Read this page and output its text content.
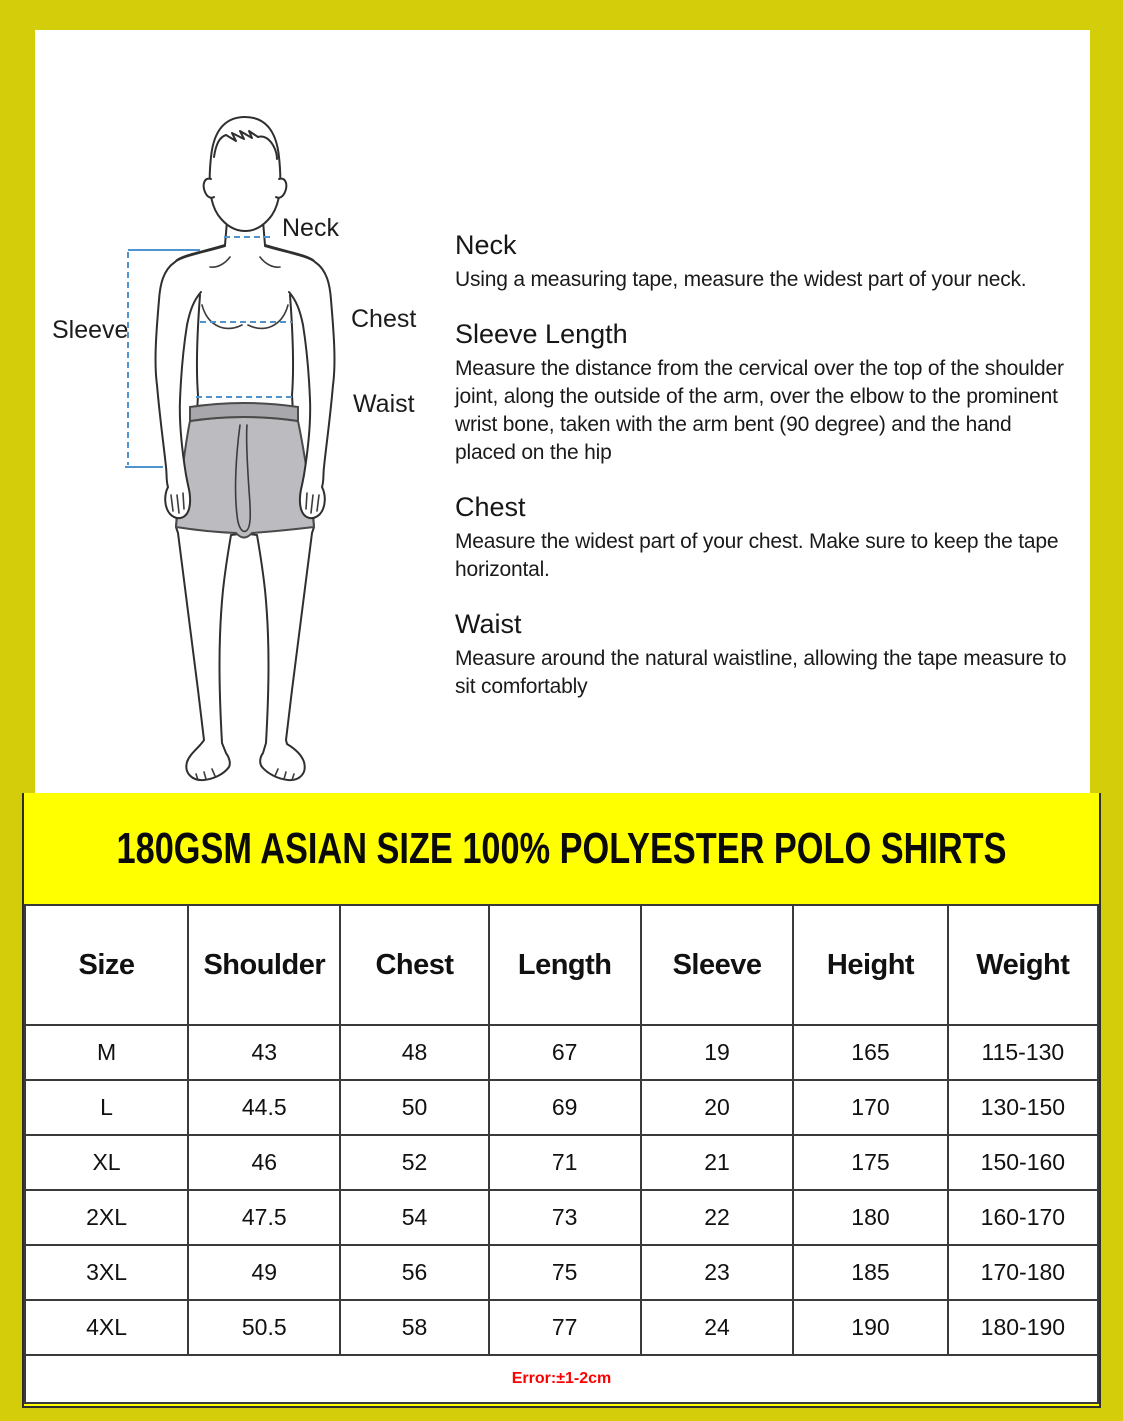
Neck
Chest
Waist
Sleeve
Neck

Using a measuring tape, measure the widest part of your neck.

Sleeve Length

Measure the distance from the cervical over the top of the shoulder joint, along the outside of the arm, over the elbow to the prominent wrist bone, taken with the arm bent (90 degree) and the hand placed on the hip

Chest

Measure the widest part of your chest. Make sure to keep the tape horizontal.

Waist

Measure around the natural waistline, allowing the tape measure to sit comfortably

180GSM ASIAN SIZE 100% POLYESTER POLO SHIRTS
Size	Shoulder	Chest	Length	Sleeve	Height	Weight
M	43	48	67	19	165	115-130
L	44.5	50	69	20	170	130-150
XL	46	52	71	21	175	150-160
2XL	47.5	54	73	22	180	160-170
3XL	49	56	75	23	185	170-180
4XL	50.5	58	77	24	190	180-190
Error:±1-2cm						
